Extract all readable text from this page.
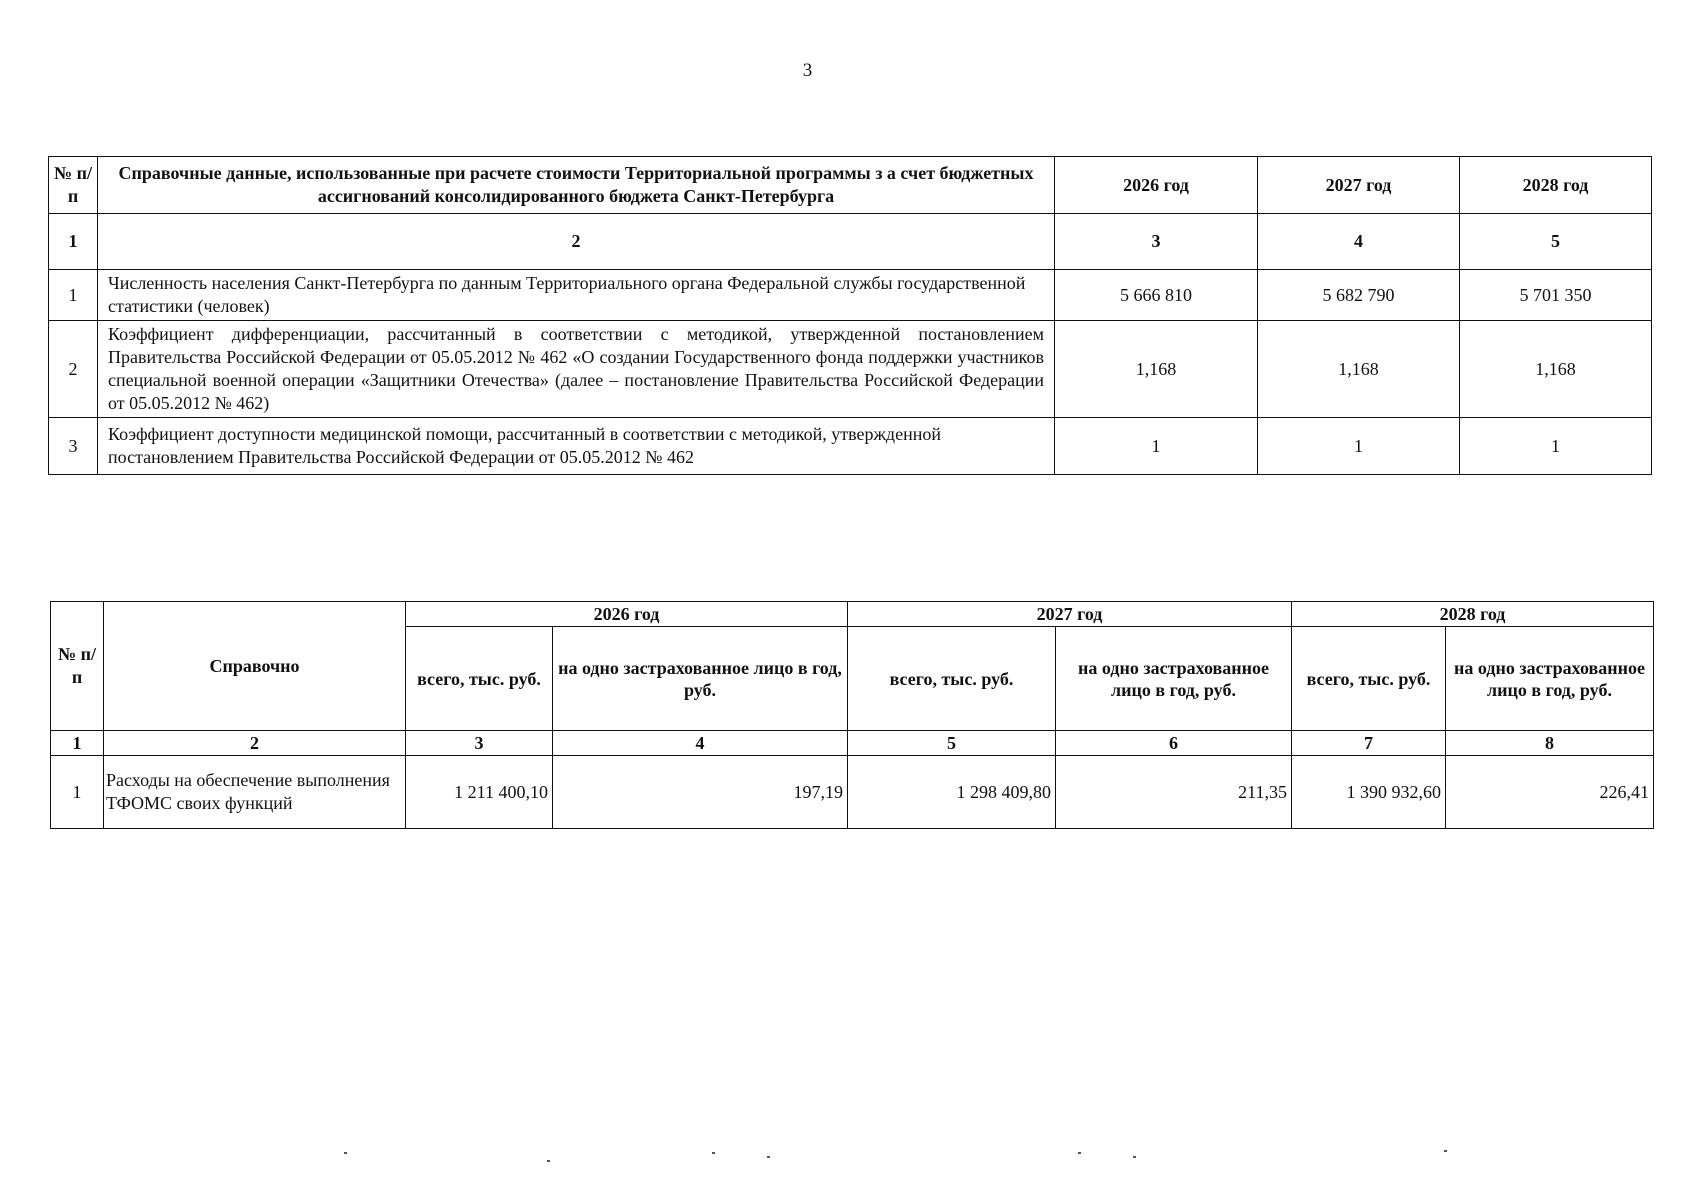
3
№ п/п	Справочные данные, использованные при расчете стоимости Территориальной программы з а счет бюджетных ассигнований консолидированного бюджета Санкт-Петербурга	2026 год	2027 год	2028 год
1	2	3	4	5
1	Численность населения Санкт-Петербурга по данным Территориального органа Федеральной службы государственной статистики (человек)	5 666 810	5 682 790	5 701 350
2	Коэффициент дифференциации, рассчитанный в соответствии с методикой, утвержденной постановлением Правительства Российской Федерации от 05.05.2012 № 462 «О создании Государственного фонда поддержки участников специальной военной операции «Защитники Отечества» (далее – постановление Правительства Российской Федерации от 05.05.2012 № 462)	1,168	1,168	1,168
3	Коэффициент доступности медицинской помощи, рассчитанный в соответствии с методикой, утвержденной постановлением Правительства Российской Федерации от 05.05.2012 № 462	1	1	1
№ п/п	Справочно	2026 год		2027 год		2028 год	
		всего, тыс. руб.	на одно застрахованное лицо в год, руб.	всего, тыс. руб.	на одно застрахованное лицо в год, руб.	всего, тыс. руб.	на одно застрахованное лицо в год, руб.
1	2	3	4	5	6	7	8
1	Расходы на обеспечение выполнения ТФОМС своих функций	1 211 400,10	197,19	1 298 409,80	211,35	1 390 932,60	226,41
